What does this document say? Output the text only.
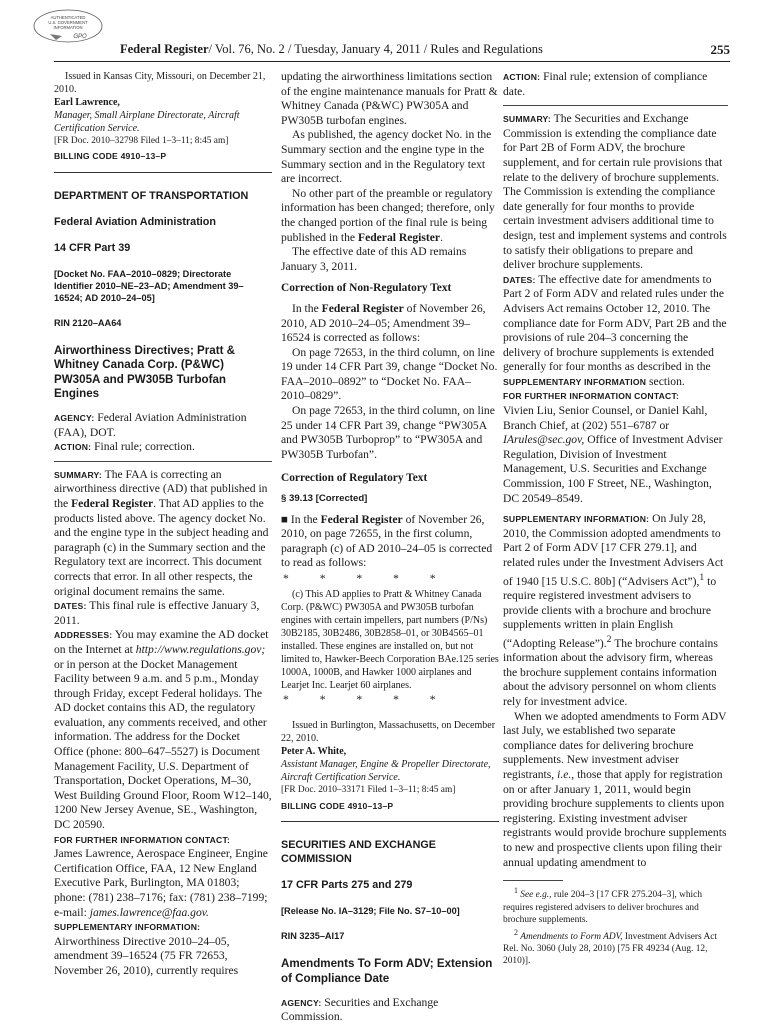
AUTHENTICATED
U.S. GOVERNMENT
INFORMATION
GPO
Federal Register/ Vol. 76, No. 2 / Tuesday, January 4, 2011 / Rules and Regulations	255

Issued in Kansas City, Missouri, on December 21, 2010.

Earl Lawrence,

Manager, Small Airplane Directorate, Aircraft Certification Service.

[FR Doc. 2010–32798 Filed 1–3–11; 8:45 am]

BILLING CODE 4910–13–P

DEPARTMENT OF TRANSPORTATION

Federal Aviation Administration

14 CFR Part 39

[Docket No. FAA–2010–0829; Directorate Identifier 2010–NE–23–AD; Amendment 39–16524; AD 2010–24–05]

RIN 2120–AA64

Airworthiness Directives; Pratt & Whitney Canada Corp. (P&WC) PW305A and PW305B Turbofan Engines

AGENCY: Federal Aviation Administration (FAA), DOT.

ACTION: Final rule; correction.

SUMMARY: The FAA is correcting an airworthiness directive (AD) that published in the Federal Register. That AD applies to the products listed above. The agency docket No. and the engine type in the subject heading and paragraph (c) in the Summary section and the Regulatory text are incorrect. This document corrects that error. In all other respects, the original document remains the same.

DATES: This final rule is effective January 3, 2011.

ADDRESSES: You may examine the AD docket on the Internet at http://www.regulations.gov; or in person at the Docket Management Facility between 9 a.m. and 5 p.m., Monday through Friday, except Federal holidays. The AD docket contains this AD, the regulatory evaluation, any comments received, and other information. The address for the Docket Office (phone: 800–647–5527) is Document Management Facility, U.S. Department of Transportation, Docket Operations, M–30, West Building Ground Floor, Room W12–140, 1200 New Jersey Avenue, SE., Washington, DC 20590.

FOR FURTHER INFORMATION CONTACT:
James Lawrence, Aerospace Engineer, Engine Certification Office, FAA, 12 New England Executive Park, Burlington, MA 01803; phone: (781) 238–7176; fax: (781) 238–7199; e-mail: james.lawrence@faa.gov.

SUPPLEMENTARY INFORMATION:
Airworthiness Directive 2010–24–05, amendment 39–16524 (75 FR 72653, November 26, 2010), currently requires

updating the airworthiness limitations section of the engine maintenance manuals for Pratt & Whitney Canada (P&WC) PW305A and PW305B turbofan engines.

As published, the agency docket No. in the Summary section and the engine type in the Summary section and in the Regulatory text are incorrect.

No other part of the preamble or regulatory information has been changed; therefore, only the changed portion of the final rule is being published in the Federal Register.

The effective date of this AD remains January 3, 2011.

Correction of Non-Regulatory Text

In the Federal Register of November 26, 2010, AD 2010–24–05; Amendment 39–16524 is corrected as follows:

On page 72653, in the third column, on line 19 under 14 CFR Part 39, change “Docket No. FAA–2010–0892” to “Docket No. FAA–2010–0829”.

On page 72653, in the third column, on line 25 under 14 CFR Part 39, change “PW305A and PW305B Turboprop” to “PW305A and PW305B Turbofan”.

Correction of Regulatory Text

§ 39.13 [Corrected]

■ In the Federal Register of November 26, 2010, on page 72655, in the first column, paragraph (c) of AD 2010–24–05 is corrected to read as follows:

* * * * *

(c) This AD applies to Pratt & Whitney Canada Corp. (P&WC) PW305A and PW305B turbofan engines with certain impellers, part numbers (P/Ns) 30B2185, 30B2486, 30B2858–01, or 30B4565–01 installed. These engines are installed on, but not limited to, Hawker-Beech Corporation BAe.125 series 1000A, 1000B, and Hawker 1000 airplanes and Learjet Inc. Learjet 60 airplanes.

* * * * *

Issued in Burlington, Massachusetts, on December 22, 2010.

Peter A. White,

Assistant Manager, Engine & Propeller Directorate, Aircraft Certification Service.

[FR Doc. 2010–33171 Filed 1–3–11; 8:45 am]

BILLING CODE 4910–13–P

SECURITIES AND EXCHANGE COMMISSION

17 CFR Parts 275 and 279

[Release No. IA–3129; File No. S7–10–00]

RIN 3235–AI17

Amendments To Form ADV; Extension of Compliance Date

AGENCY: Securities and Exchange Commission.

ACTION: Final rule; extension of compliance date.

SUMMARY: The Securities and Exchange Commission is extending the compliance date for Part 2B of Form ADV, the brochure supplement, and for certain rule provisions that relate to the delivery of brochure supplements. The Commission is extending the compliance date generally for four months to provide certain investment advisers additional time to design, test and implement systems and controls to satisfy their obligations to prepare and deliver brochure supplements.

DATES: The effective date for amendments to Part 2 of Form ADV and related rules under the Advisers Act remains October 12, 2010. The compliance date for Form ADV, Part 2B and the provisions of rule 204–3 concerning the delivery of brochure supplements is extended generally for four months as described in the SUPPLEMENTARY INFORMATION section.

FOR FURTHER INFORMATION CONTACT:
Vivien Liu, Senior Counsel, or Daniel Kahl, Branch Chief, at (202) 551–6787 or IArules@sec.gov, Office of Investment Adviser Regulation, Division of Investment Management, U.S. Securities and Exchange Commission, 100 F Street, NE., Washington, DC 20549–8549.

SUPPLEMENTARY INFORMATION: On July 28, 2010, the Commission adopted amendments to Part 2 of Form ADV [17 CFR 279.1], and related rules under the Investment Advisers Act of 1940 [15 U.S.C. 80b] (“Advisers Act”),$^1$ to require registered investment advisers to provide clients with a brochure and brochure supplements written in plain English (“Adopting Release”).$^2$ The brochure contains information about the advisory firm, whereas the brochure supplement contains information about the advisory personnel on whom clients rely for investment advice.

When we adopted amendments to Form ADV last July, we established two separate compliance dates for delivering brochure supplements. New investment adviser registrants, i.e., those that apply for registration on or after January 1, 2011, would begin providing brochure supplements to clients upon registering. Existing investment adviser registrants would provide brochure supplements to new and prospective clients upon filing their annual updating amendment to

$^1$ See e.g., rule 204–3 [17 CFR 275.204–3], which requires registered advisers to deliver brochures and brochure supplements.

$^2$ Amendments to Form ADV, Investment Advisers Act Rel. No. 3060 (July 28, 2010) [75 FR 49234 (Aug. 12, 2010)].
